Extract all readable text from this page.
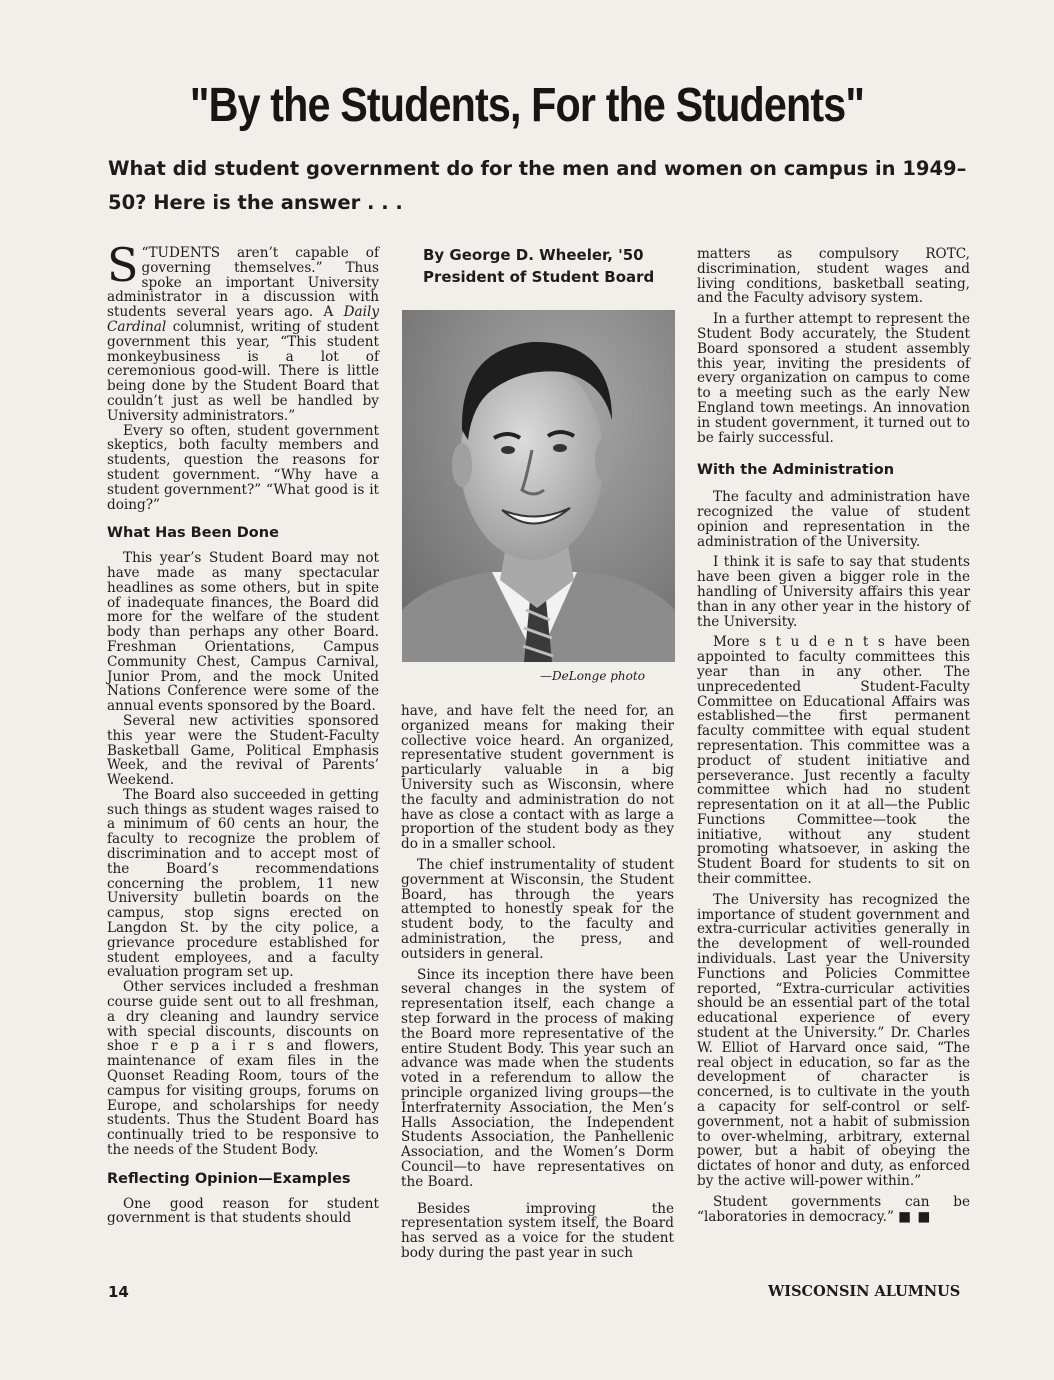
"By the Students, For the Students"
What did student government do for the men and women on campus in 1949–50? Here is the answer . . .

“
S TUDENTS aren’t capable of governing themselves.” Thus spoke an important University administrator in a discussion with students several years ago. A Daily Cardinal columnist, writing of student government this year, “This student monkeybusiness is a lot of ceremonious good-will. There is little being done by the Student Board that couldn’t just as well be handled by University administrators.”

Every so often, student government skeptics, both faculty members and students, question the reasons for student government. “Why have a student government?” “What good is it doing?”

What Has Been Done

This year’s Student Board may not have made as many spectacular headlines as some others, but in spite of inadequate finances, the Board did more for the welfare of the student body than perhaps any other Board. Freshman Orientations, Campus Community Chest, Campus Carnival, Junior Prom, and the mock United Nations Conference were some of the annual events sponsored by the Board.

Several new activities sponsored this year were the Student-Faculty Basketball Game, Political Emphasis Week, and the revival of Parents’ Weekend.

The Board also succeeded in getting such things as student wages raised to a minimum of 60 cents an hour, the faculty to recognize the problem of discrimination and to accept most of the Board’s recommendations concerning the problem, 11 new University bulletin boards on the campus, stop signs erected on Langdon St. by the city police, a grievance procedure established for student employees, and a faculty evaluation program set up.

Other services included a freshman course guide sent out to all freshman, a dry cleaning and laundry service with special discounts, discounts on shoe r e p a i r s and flowers, maintenance of exam files in the Quonset Reading Room, tours of the campus for visiting groups, forums on Europe, and scholarships for needy students. Thus the Student Board has continually tried to be responsive to the needs of the Student Body.

Reflecting Opinion—Examples

One good reason for student government is that students should

By George D. Wheeler, '50
President of Student Board
—DeLonge photo

have, and have felt the need for, an organized means for making their collective voice heard. An organized, representative student government is particularly valuable in a big University such as Wisconsin, where the faculty and administration do not have as close a contact with as large a proportion of the student body as they do in a smaller school.

The chief instrumentality of student government at Wisconsin, the Student Board, has through the years attempted to honestly speak for the student body, to the faculty and administration, the press, and outsiders in general.

Since its inception there have been several changes in the system of representation itself, each change a step forward in the process of making the Board more representative of the entire Student Body. This year such an advance was made when the students voted in a referendum to allow the principle organized living groups—the Interfraternity Association, the Men’s Halls Association, the Independent Students Association, the Panhellenic Association, and the Women’s Dorm Council—to have representatives on the Board.

Besides improving the representation system itself, the Board has served as a voice for the student body during the past year in such

matters as compulsory ROTC, discrimination, student wages and living conditions, basketball seating, and the Faculty advisory system.

In a further attempt to represent the Student Body accurately, the Student Board sponsored a student assembly this year, inviting the presidents of every organization on campus to come to a meeting such as the early New England town meetings. An innovation in student government, it turned out to be fairly successful.

With the Administration

The faculty and administration have recognized the value of student opinion and representation in the administration of the University.

I think it is safe to say that students have been given a bigger role in the handling of University affairs this year than in any other year in the history of the University.

More s t u d e n t s have been appointed to faculty committees this year than in any other. The unprecedented Student-Faculty Committee on Educational Affairs was established—the first permanent faculty committee with equal student representation. This committee was a product of student initiative and perseverance. Just recently a faculty committee which had no student representation on it at all—the Public Functions Committee—took the initiative, without any student promoting whatsoever, in asking the Student Board for students to sit on their committee.

The University has recognized the importance of student government and extra-curricular activities generally in the development of well-rounded individuals. Last year the University Functions and Policies Committee reported, “Extra-curricular activities should be an essential part of the total educational experience of every student at the University.” Dr. Charles W. Elliot of Harvard once said, “The real object in education, so far as the development of character is concerned, is to cultivate in the youth a capacity for self-control or self-government, not a habit of submission to over-whelming, arbitrary, external power, but a habit of obeying the dictates of honor and duty, as enforced by the active will-power within.”

Student governments can be “laboratories in democracy.” ■ ■

14	WISCONSIN ALUMNUS
